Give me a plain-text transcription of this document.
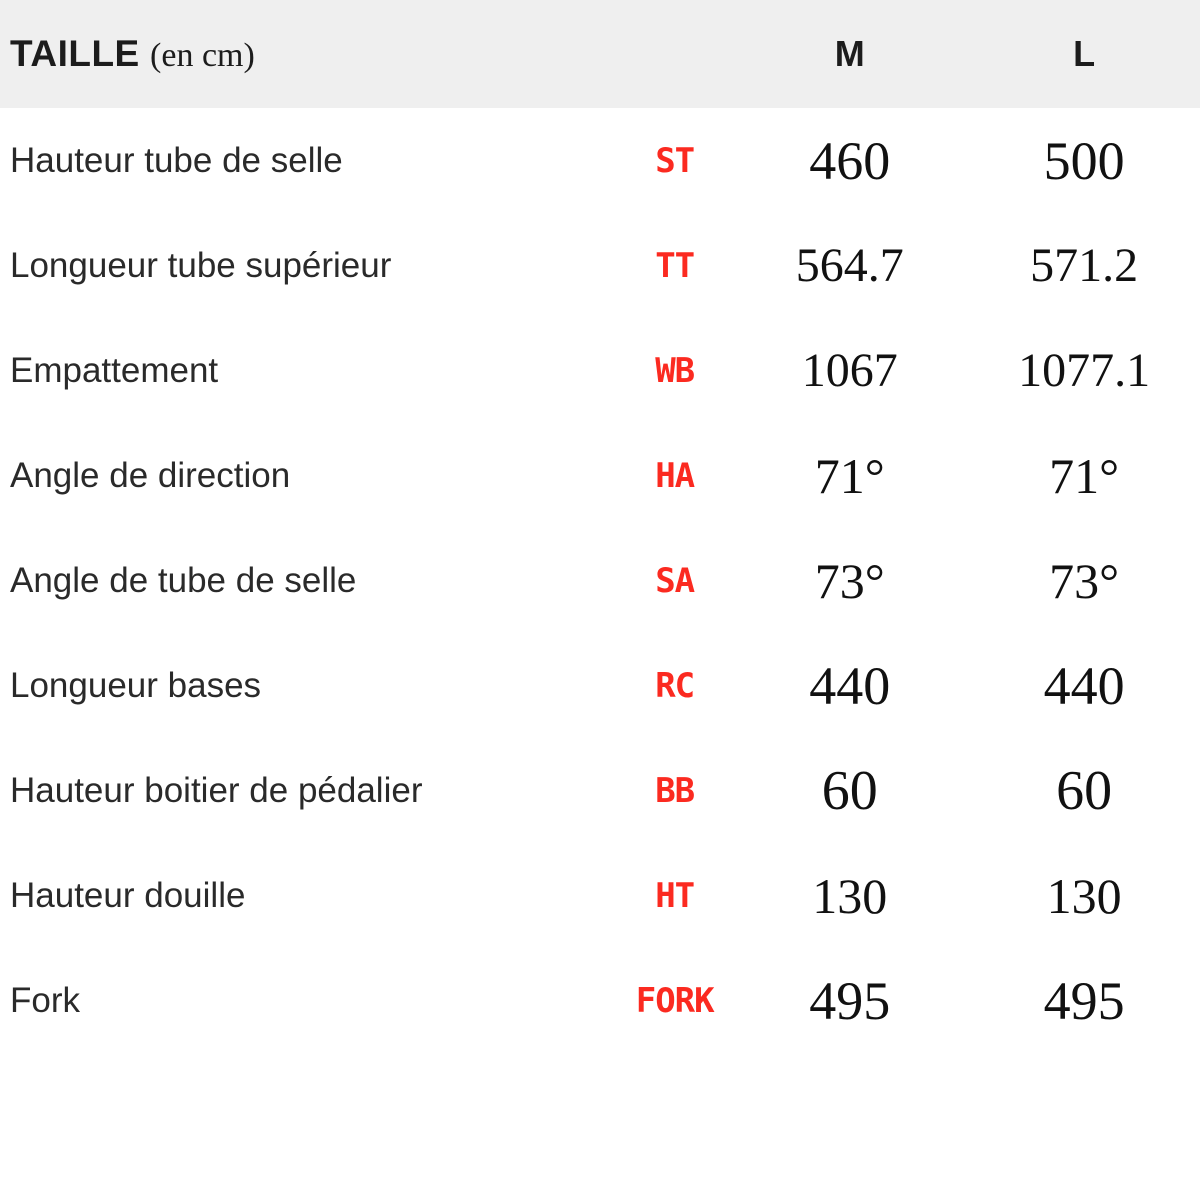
TAILLE (en cm)		M	L
Hauteur tube de selle	ST	460	500
Longueur tube supérieur	TT	564.7	571.2
Empattement	WB	1067	1077.1
Angle de direction	HA	71°	71°
Angle de tube de selle	SA	73°	73°
Longueur bases	RC	440	440
Hauteur boitier de pédalier	BB	60	60
Hauteur douille	HT	130	130
Fork	FORK	495	495
